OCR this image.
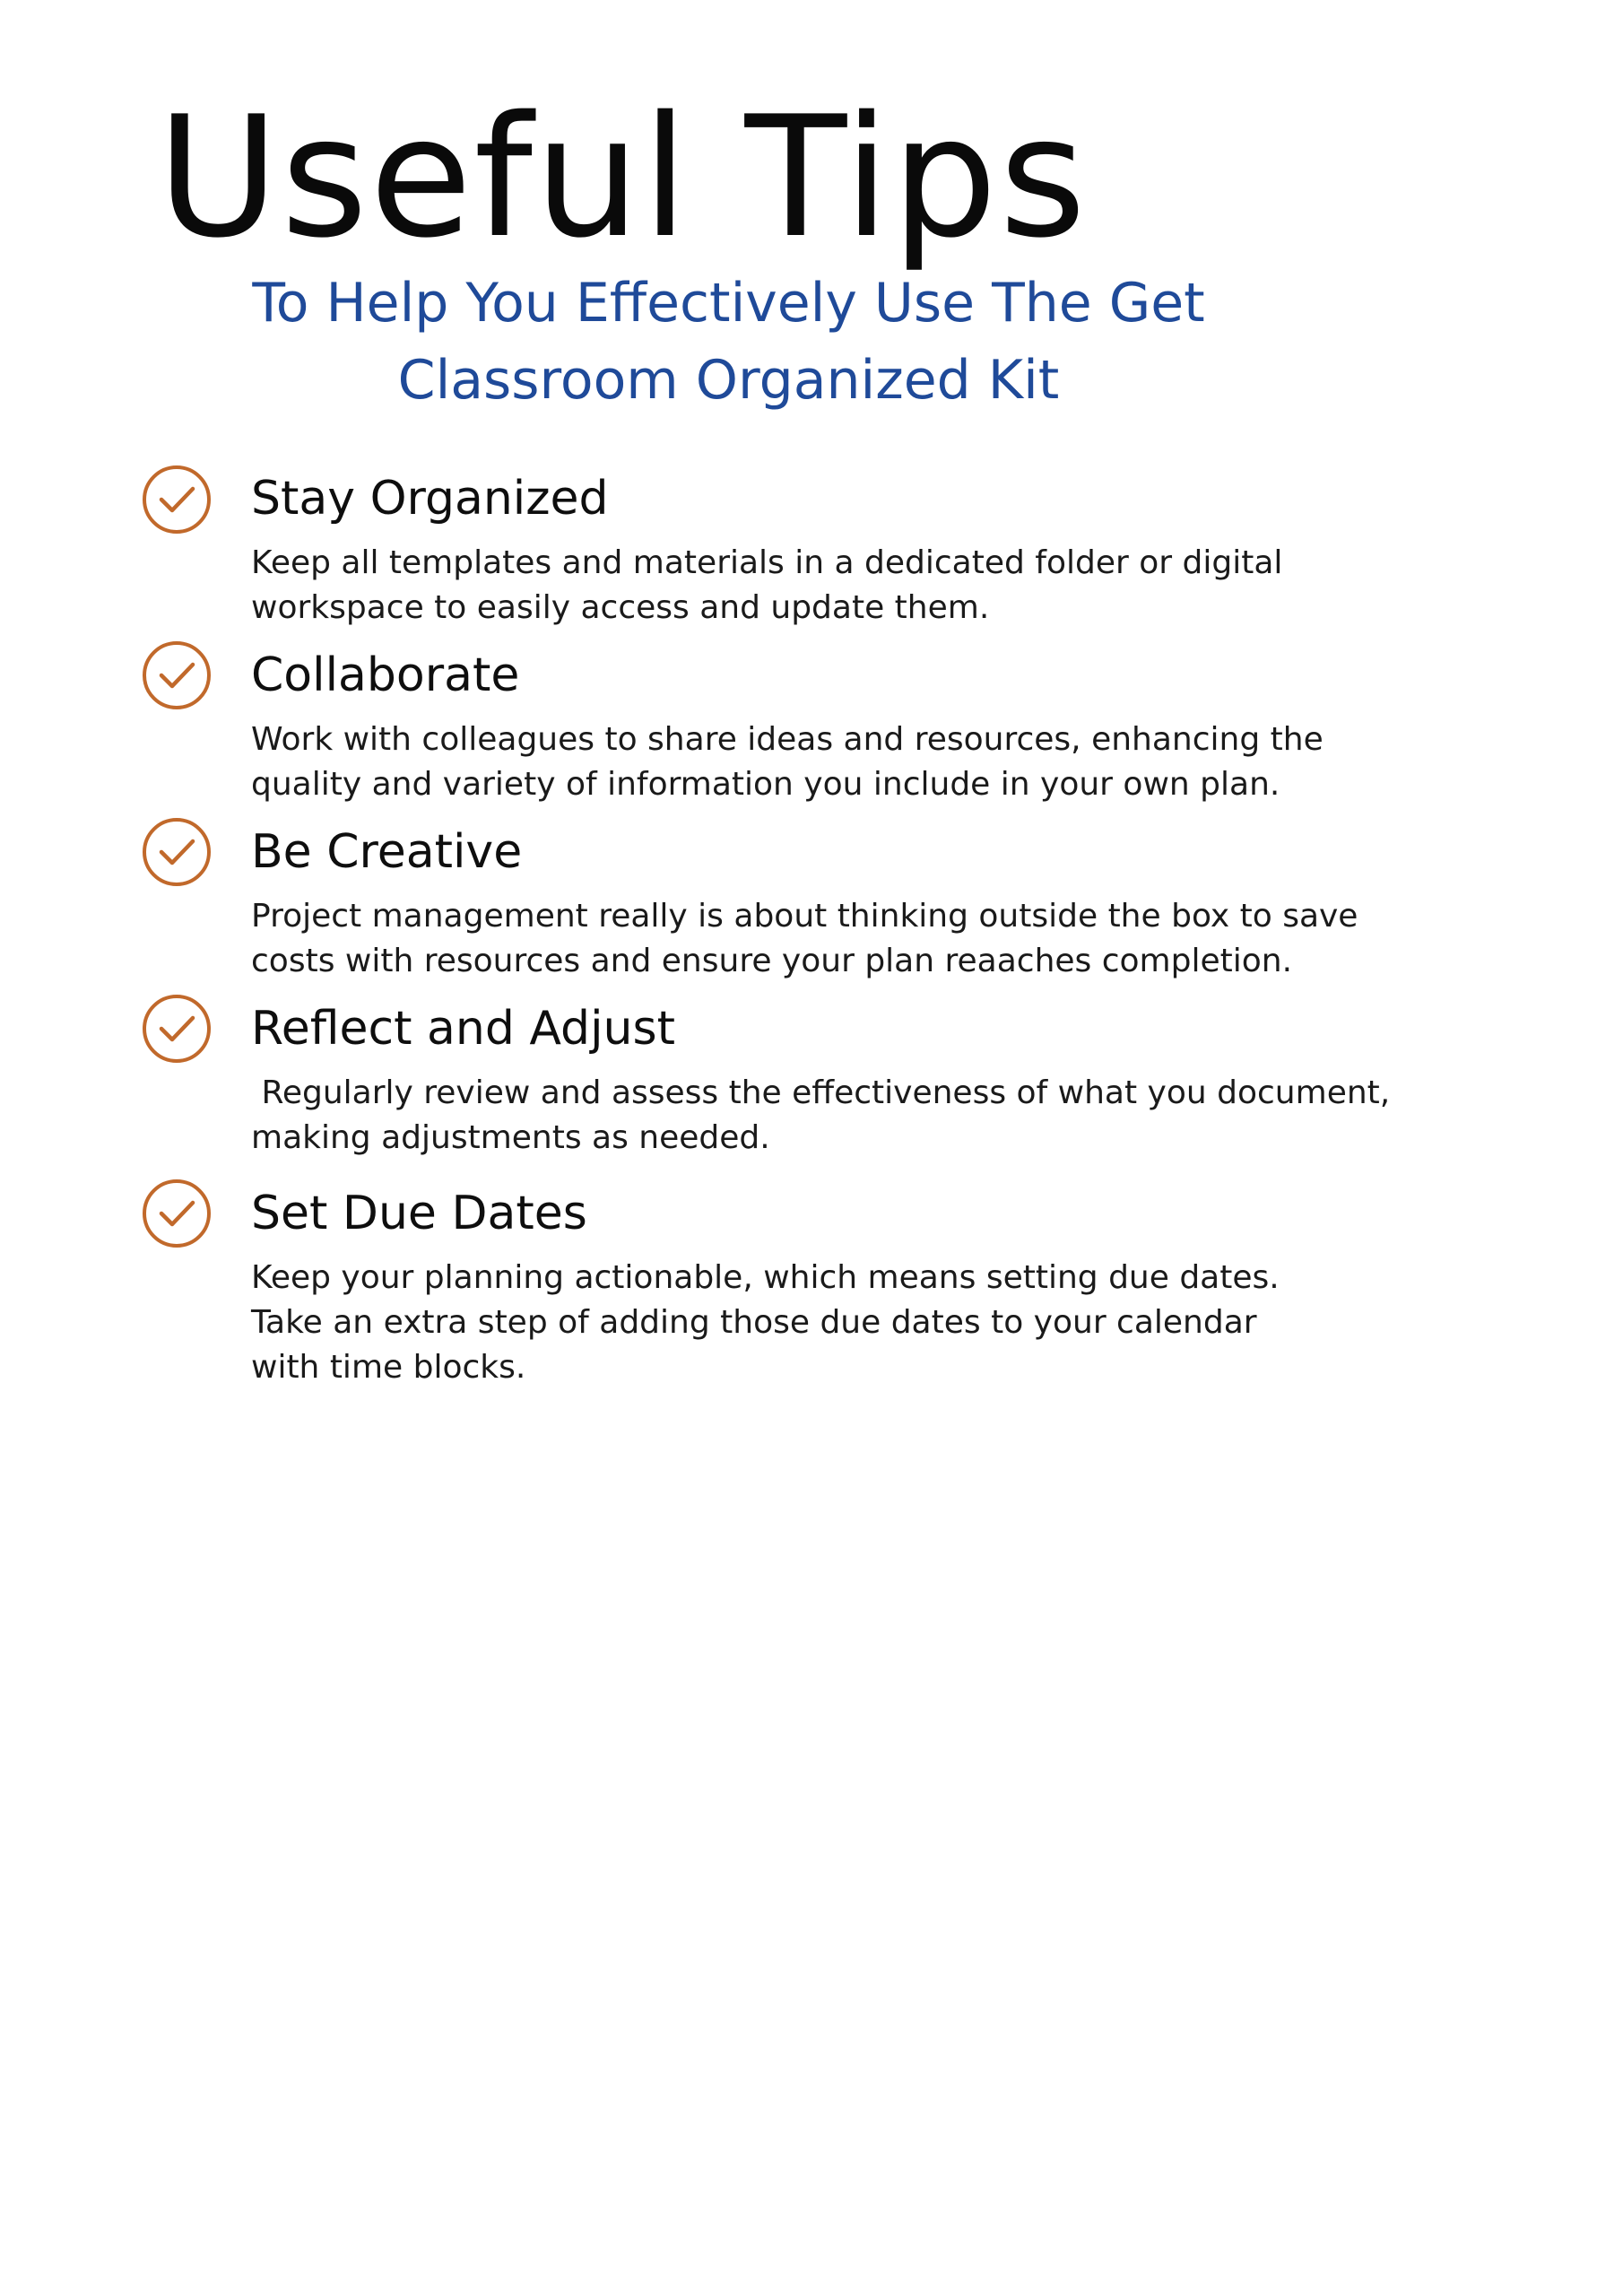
Useful Tips
To Help You Effectively Use The Get
Classroom Organized Kit
Stay Organized

Keep all templates and materials in a dedicated folder or digital
workspace to easily access and update them.

Collaborate

Work with colleagues to share ideas and resources, enhancing the
quality and variety of information you include in your own plan.

Be Creative

Project management really is about thinking outside the box to save
costs with resources and ensure your plan reaaches completion.

Reflect and Adjust

Regularly review and assess the effectiveness of what you document,
making adjustments as needed.

Set Due Dates

Keep your planning actionable, which means setting due dates.
Take an extra step of adding those due dates to your calendar
with time blocks.
